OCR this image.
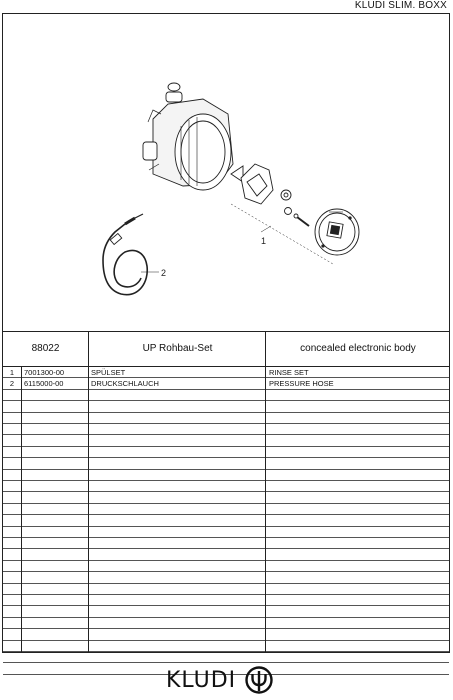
KLUDI SLIM. BOXX
1
2
88022	UP Rohbau-Set	concealed electronic body
1	7001300-00	SPÜLSET	RINSE SET
2	6115000-00	DRUCKSCHLAUCH	PRESSURE HOSE
KLUDI
